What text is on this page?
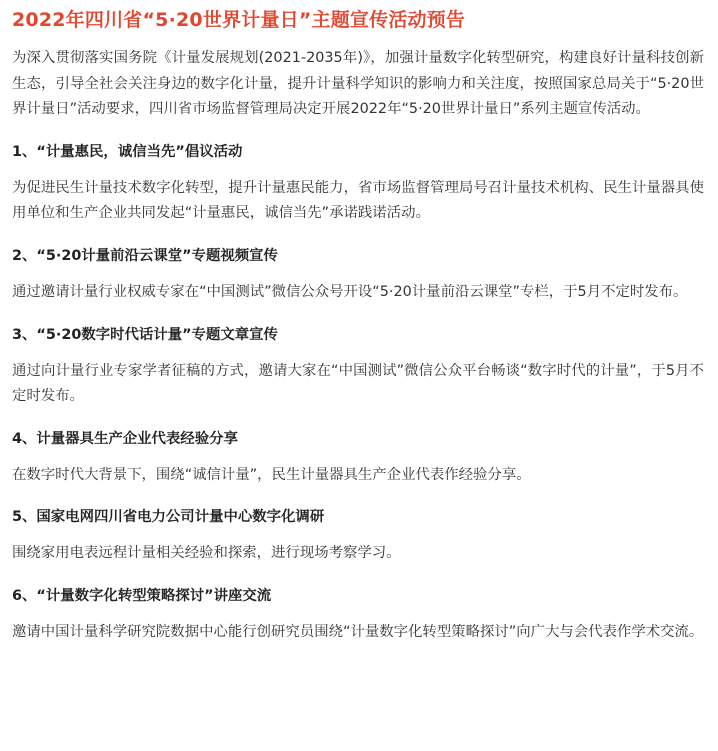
2022年四川省“5·20世界计量日”主题宣传活动预告

为深入贯彻落实国务院《计量发展规划(2021-2035年)》，加强计量数字化转型研究，构建良好计量科技创新生态，引导全社会关注身边的数字化计量，提升计量科学知识的影响力和关注度，按照国家总局关于“5·20世界计量日”活动要求，四川省市场监督管理局决定开展2022年“5·20世界计量日”系列主题宣传活动。

1、“计量惠民，诚信当先”倡议活动

为促进民生计量技术数字化转型，提升计量惠民能力，省市场监督管理局号召计量技术机构、民生计量器具使用单位和生产企业共同发起“计量惠民，诚信当先”承诺践诺活动。

2、“5·20计量前沿云课堂”专题视频宣传

通过邀请计量行业权威专家在“中国测试”微信公众号开设“5·20计量前沿云课堂”专栏，于5月不定时发布。

3、“5·20数字时代话计量”专题文章宣传

通过向计量行业专家学者征稿的方式，邀请大家在“中国测试”微信公众平台畅谈“数字时代的计量”，于5月不定时发布。

4、计量器具生产企业代表经验分享

在数字时代大背景下，围绕“诚信计量”，民生计量器具生产企业代表作经验分享。

5、国家电网四川省电力公司计量中心数字化调研

围绕家用电表远程计量相关经验和探索，进行现场考察学习。

6、“计量数字化转型策略探讨”讲座交流

邀请中国计量科学研究院数据中心能行创研究员围绕“计量数字化转型策略探讨”向广大与会代表作学术交流。
